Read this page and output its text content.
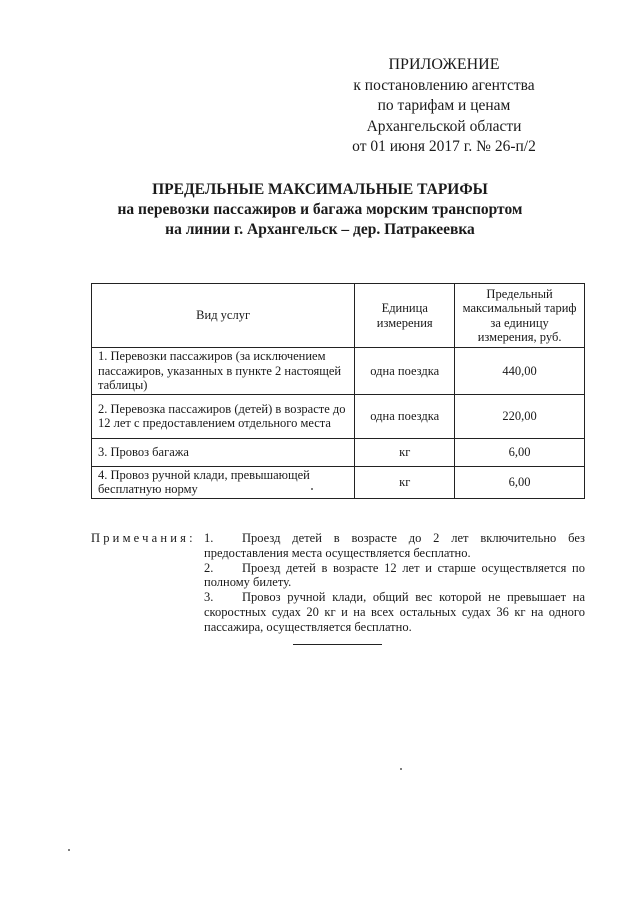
ПРИЛОЖЕНИЕ
к постановлению агентства
по тарифам и ценам
Архангельской области
от 01 июня 2017 г. № 26-п/2
ПРЕДЕЛЬНЫЕ МАКСИМАЛЬНЫЕ ТАРИФЫ
на перевозки пассажиров и багажа морским транспортом
на линии г. Архангельск – дер. Патракеевка
Вид услуг	Единица измерения	Предельный максимальный тариф за единицу измерения, руб.
1. Перевозки пассажиров (за исключением пассажиров, указанных в пункте 2 настоящей таблицы)	одна поездка	440,00
2. Перевозка пассажиров (детей) в возрасте до 12 лет с предоставлением отдельного места	одна поездка	220,00
3. Провоз багажа	кг	6,00
4. Провоз ручной клади, превышающей бесплатную норму	кг	6,00
Примечания: 1. Проезд детей в возрасте до 2 лет включительно без предоставления места осуществляется бесплатно.
2. Проезд детей в возрасте 12 лет и старше осуществляется по полному билету.
3. Провоз ручной клади, общий вес которой не превышает на скоростных судах 20 кг и на всех остальных судах 36 кг на одного пассажира, осуществляется бесплатно.
